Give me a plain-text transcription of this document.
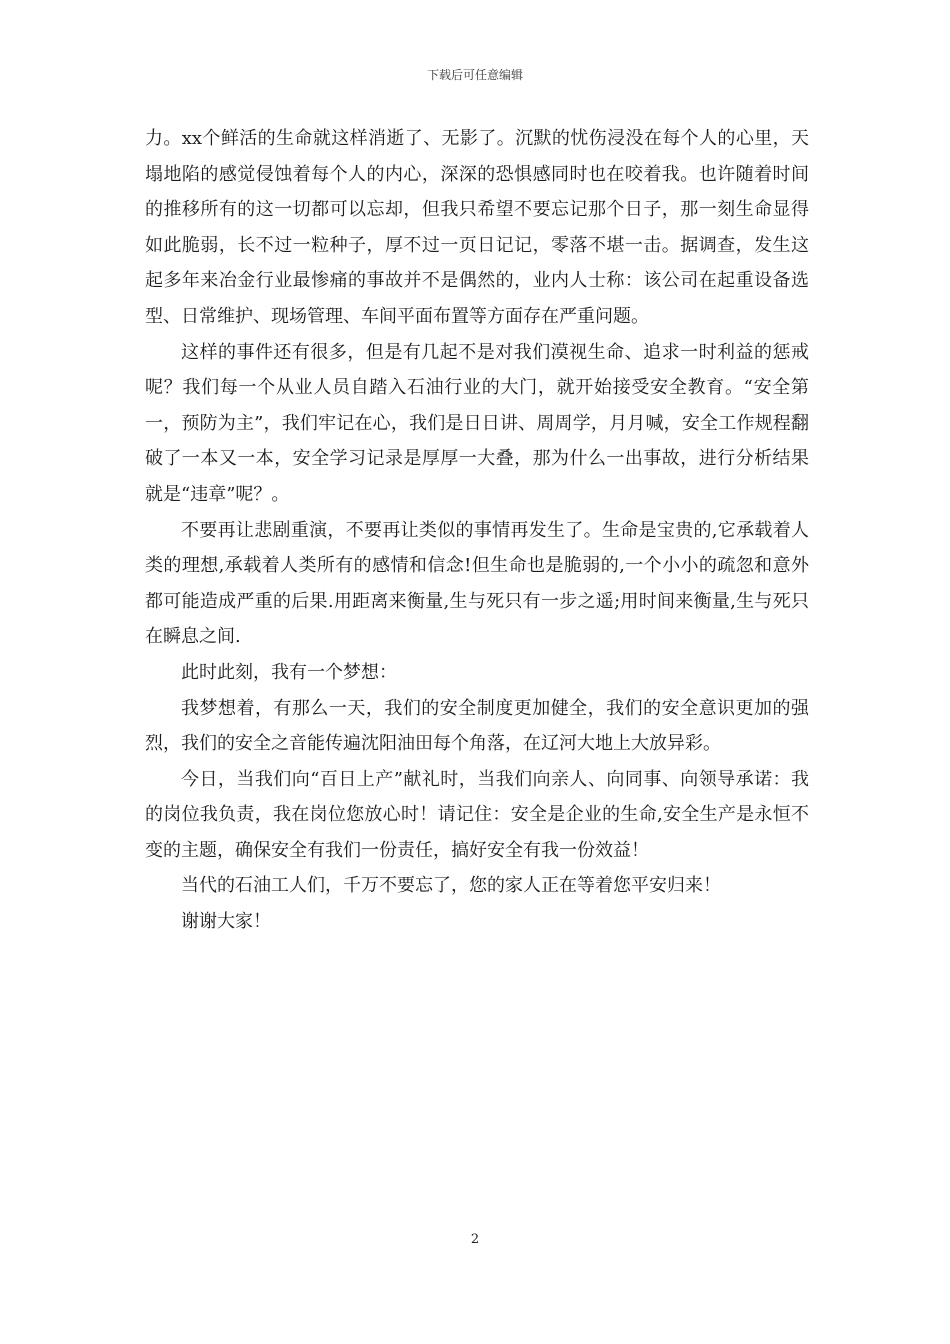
下载后可任意编辑

力。xx个鲜活的生命就这样消逝了、无影了。沉默的忧伤浸没在每个人的心里，天塌地陷的感觉侵蚀着每个人的内心，深深的恐惧感同时也在咬着我。也许随着时间的推移所有的这一切都可以忘却，但我只希望不要忘记那个日子，那一刻生命显得如此脆弱，长不过一粒种子，厚不过一页日记记，零落不堪一击。据调查，发生这起多年来冶金行业最惨痛的事故并不是偶然的，业内人士称：该公司在起重设备选型、日常维护、现场管理、车间平面布置等方面存在严重问题。

这样的事件还有很多，但是有几起不是对我们漠视生命、追求一时利益的惩戒呢？我们每一个从业人员自踏入石油行业的大门，就开始接受安全教育。“安全第一，预防为主”，我们牢记在心，我们是日日讲、周周学，月月喊，安全工作规程翻破了一本又一本，安全学习记录是厚厚一大叠，那为什么一出事故，进行分析结果就是“违章”呢？。

不要再让悲剧重演，不要再让类似的事情再发生了。生命是宝贵的,它承载着人类的理想,承载着人类所有的感情和信念!但生命也是脆弱的,一个小小的疏忽和意外都可能造成严重的后果.用距离来衡量,生与死只有一步之遥;用时间来衡量,生与死只在瞬息之间.

此时此刻，我有一个梦想：

我梦想着，有那么一天，我们的安全制度更加健全，我们的安全意识更加的强烈，我们的安全之音能传遍沈阳油田每个角落，在辽河大地上大放异彩。

今日，当我们向“百日上产”献礼时，当我们向亲人、向同事、向领导承诺：我的岗位我负责，我在岗位您放心时！请记住：安全是企业的生命,安全生产是永恒不变的主题，确保安全有我们一份责任，搞好安全有我一份效益！

当代的石油工人们，千万不要忘了，您的家人正在等着您平安归来！

谢谢大家！

2
